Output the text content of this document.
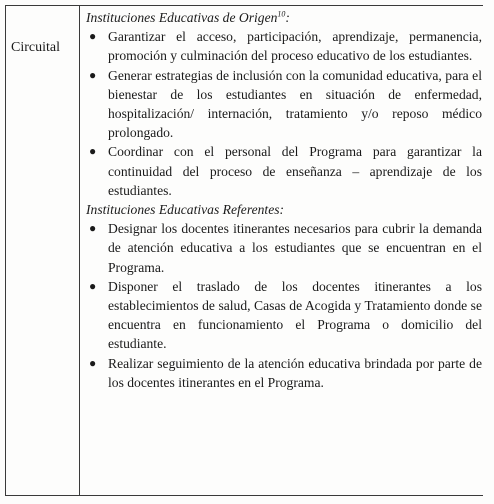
Circuital

Instituciones Educativas de Origen$^{10}$:

● Garantizar el acceso, participación, aprendizaje, permanencia, promoción y culminación del proceso educativo de los estudiantes.
● Generar estrategias de inclusión con la comunidad educativa, para el bienestar de los estudiantes en situación de enfermedad, hospitalización/ internación, tratamiento y/o reposo médico prolongado.
● Coordinar con el personal del Programa para garantizar la continuidad del proceso de enseñanza – aprendizaje de los estudiantes.

Instituciones Educativas Referentes:

● Designar los docentes itinerantes necesarios para cubrir la demanda de atención educativa a los estudiantes que se encuentran en el Programa.
● Disponer el traslado de los docentes itinerantes a los establecimientos de salud, Casas de Acogida y Tratamiento donde se encuentra en funcionamiento el Programa o domicilio del estudiante.
● Realizar seguimiento de la atención educativa brindada por parte de los docentes itinerantes en el Programa.
